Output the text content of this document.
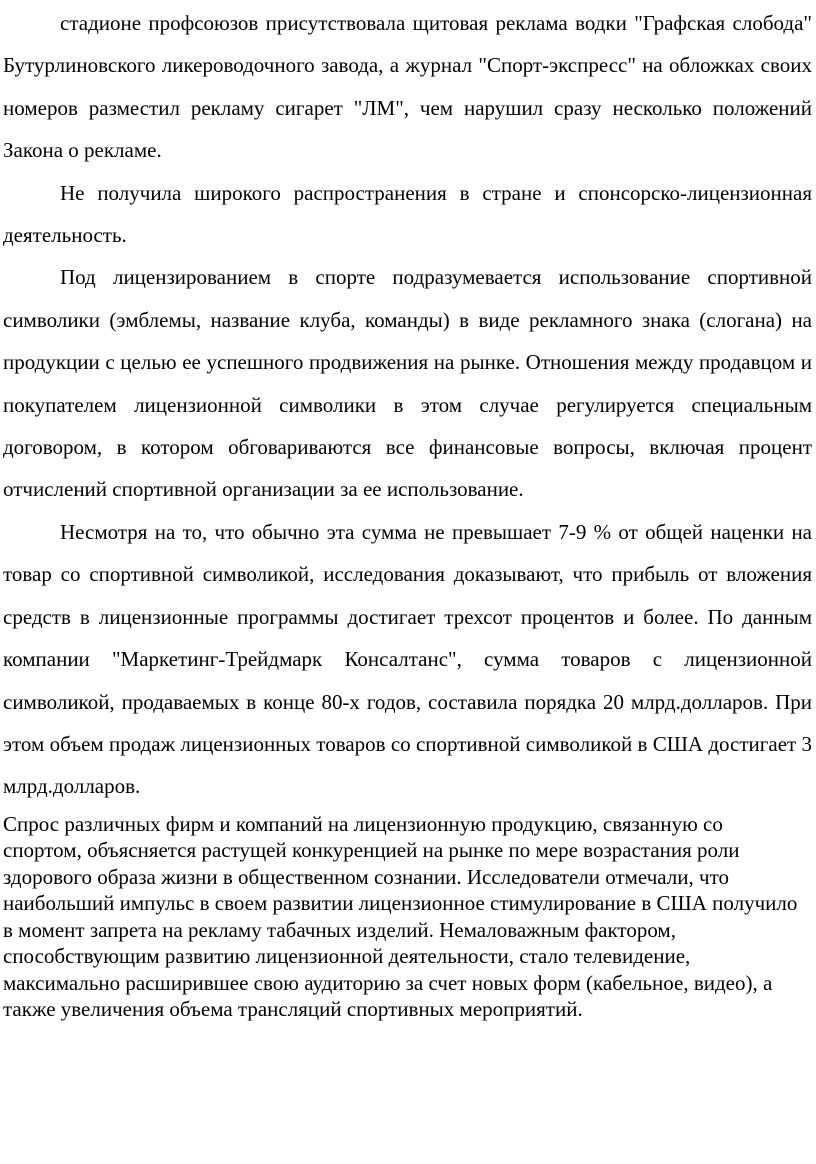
стадионе профсоюзов присутствовала щитовая реклама водки "Графская слобода" Бутурлиновского ликероводочного завода, а журнал "Спорт-экспресс" на обложках своих номеров разместил рекламу сигарет "ЛМ", чем нарушил сразу несколько положений Закона о рекламе.

Не получила широкого распространения в стране и спонсорско-лицензионная деятельность.

Под лицензированием в спорте подразумевается использование спортивной символики (эмблемы, название клуба, команды) в виде рекламного знака (слогана) на продукции с целью ее успешного продвижения на рынке. Отношения между продавцом и покупателем лицензионной символики в этом случае регулируется специальным договором, в котором обговариваются все финансовые вопросы, включая процент отчислений спортивной организации за ее использование.

Несмотря на то, что обычно эта сумма не превышает 7-9 % от общей наценки на товар со спортивной символикой, исследования доказывают, что прибыль от вложения средств в лицензионные программы достигает трехсот процентов и более. По данным компании "Маркетинг-Трейдмарк Консалтанс", сумма товаров с лицензионной символикой, продаваемых в конце 80-х годов, составила порядка 20 млрд.долларов. При этом объем продаж лицензионных товаров со спортивной символикой в США достигает 3 млрд.долларов.

Спрос различных фирм и компаний на лицензионную продукцию, связанную со спортом, объясняется растущей конкуренцией на рынке по мере возрастания роли здорового образа жизни в общественном сознании. Исследователи отмечали, что наибольший импульс в своем развитии лицензионное стимулирование в США получило в момент запрета на рекламу табачных изделий. Немаловажным фактором, способствующим развитию лицензионной деятельности, стало телевидение, максимально расширившее свою аудиторию за счет новых форм (кабельное, видео), а также увеличения объема трансляций спортивных мероприятий.
